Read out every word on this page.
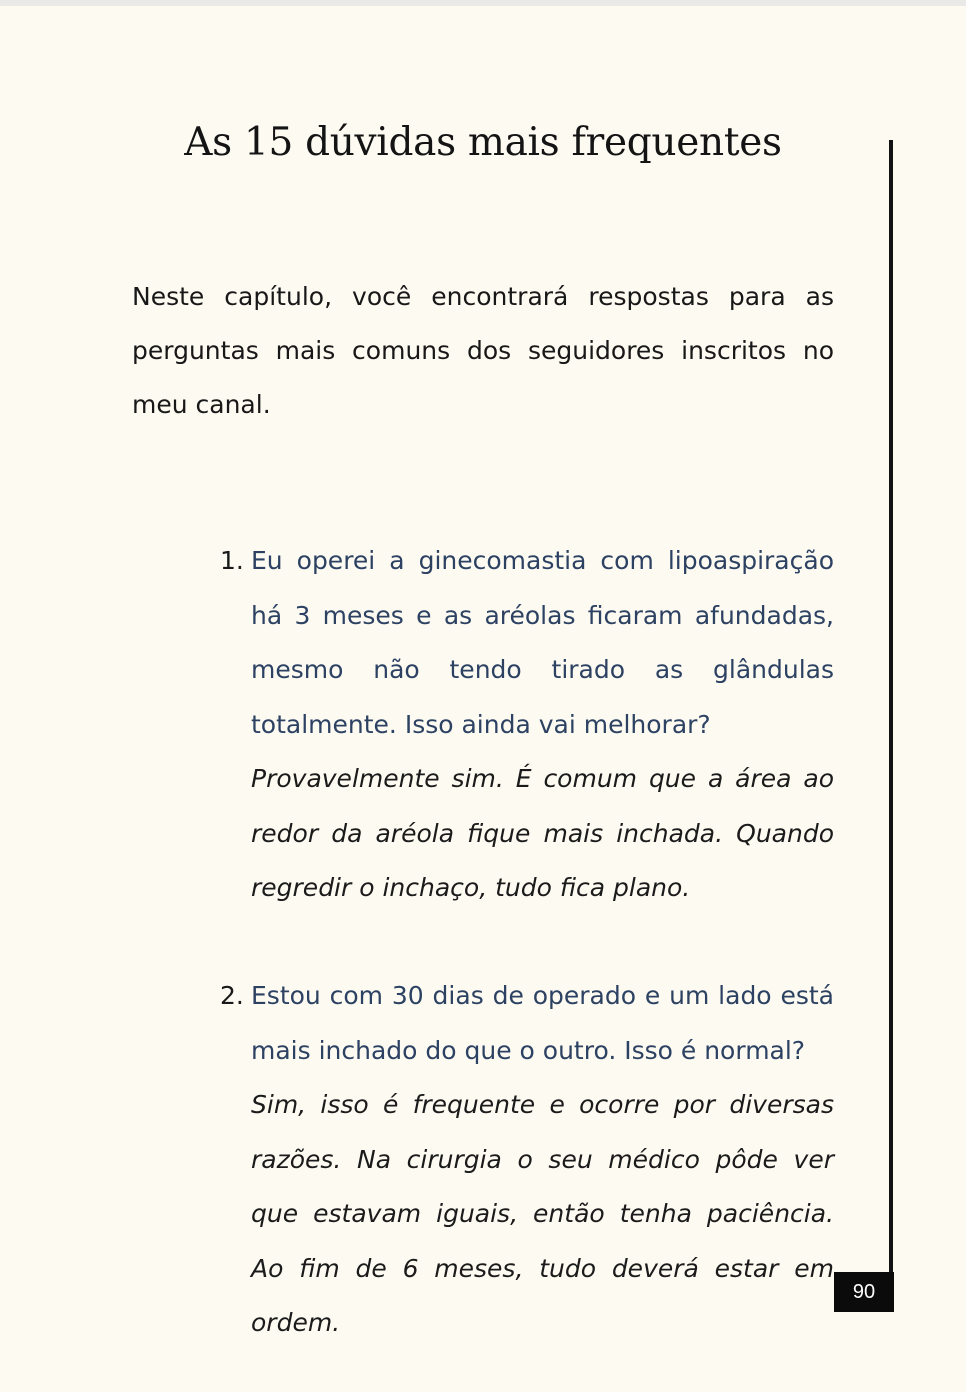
As 15 dúvidas mais frequentes

Neste capítulo, você encontrará respostas para as perguntas mais comuns dos seguidores inscritos no meu canal.

1. Eu operei a ginecomastia com lipoaspiração há 3 meses e as aréolas ficaram afundadas, mesmo não tendo tirado as glândulas totalmente. Isso ainda vai melhorar?

Provavelmente sim. É comum que a área ao redor da aréola fique mais inchada. Quando regredir o inchaço, tudo fica plano.

2. Estou com 30 dias de operado e um lado está mais inchado do que o outro. Isso é normal?

Sim, isso é frequente e ocorre por diversas razões. Na cirurgia o seu médico pôde ver que estavam iguais, então tenha paciência. Ao fim de 6 meses, tudo deverá estar em ordem.

90
